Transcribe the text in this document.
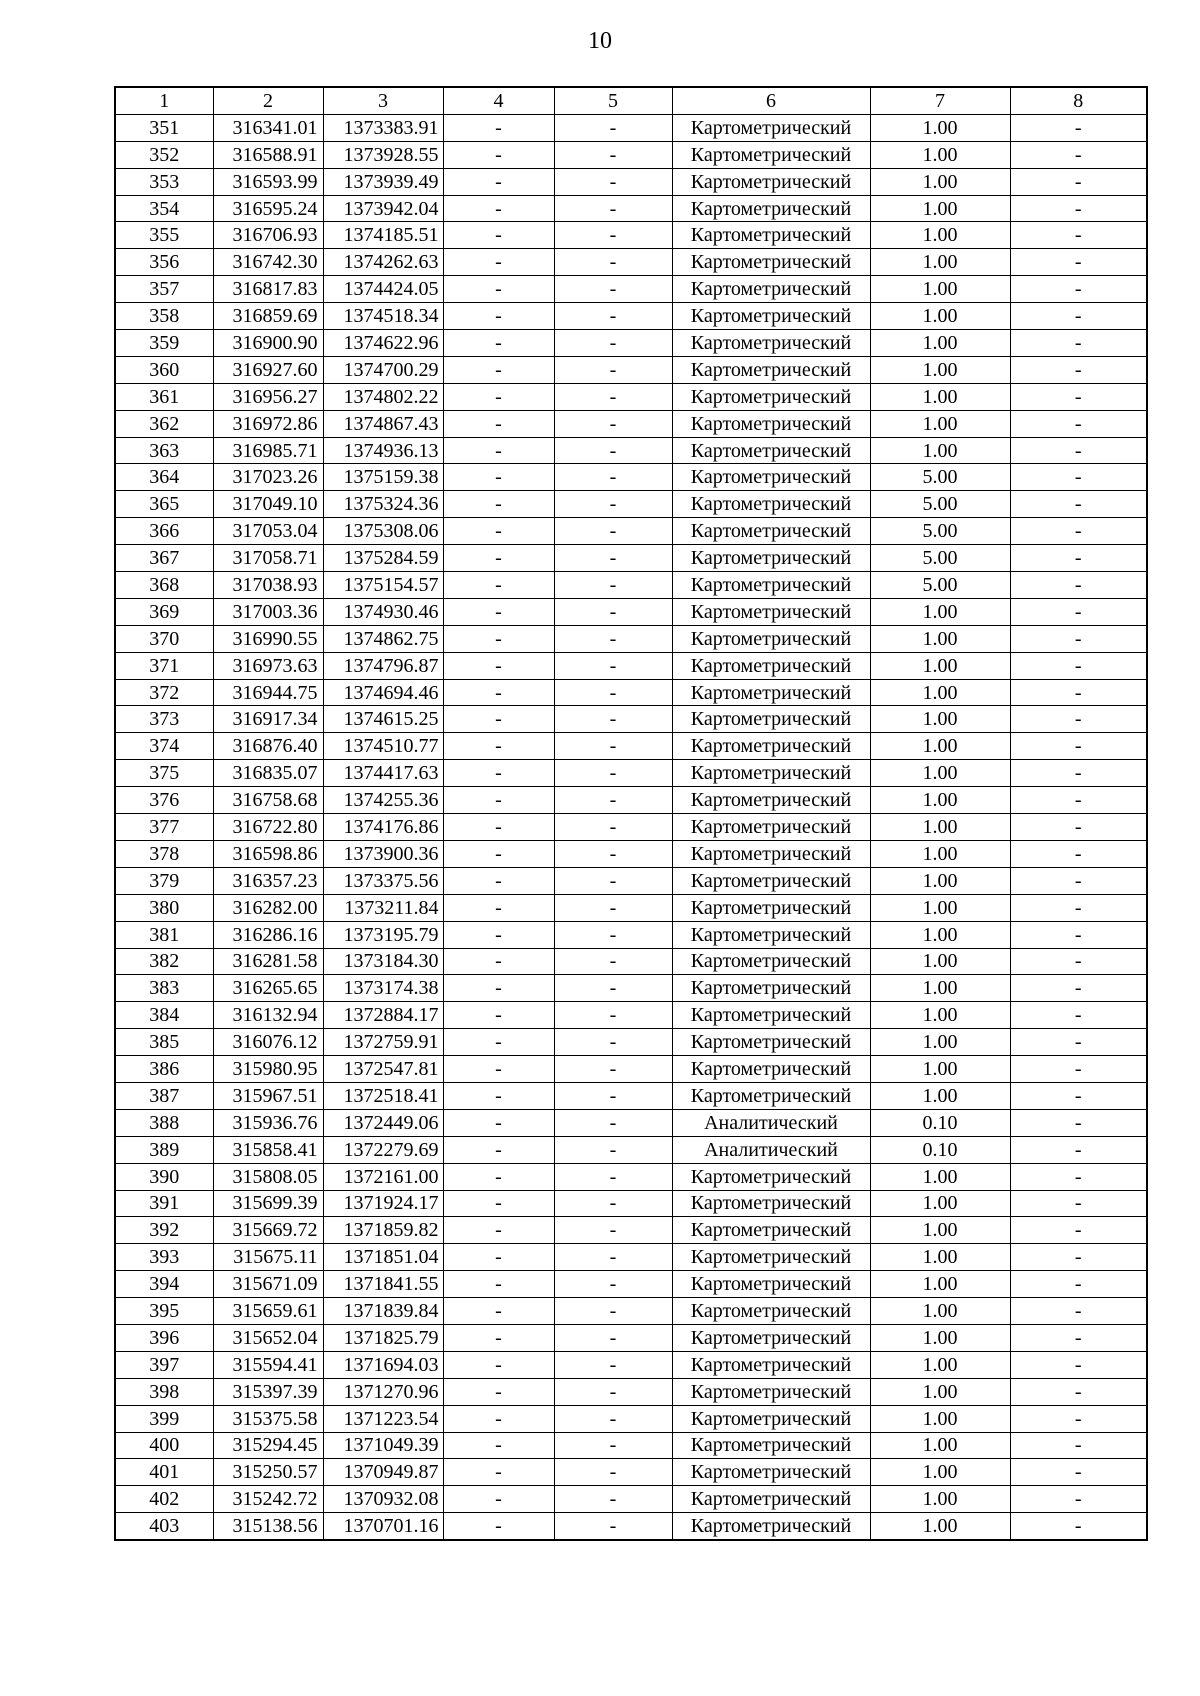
10
1	2	3	4	5	6	7	8
351	316341.01	1373383.91	-	-	Картометрический	1.00	-
352	316588.91	1373928.55	-	-	Картометрический	1.00	-
353	316593.99	1373939.49	-	-	Картометрический	1.00	-
354	316595.24	1373942.04	-	-	Картометрический	1.00	-
355	316706.93	1374185.51	-	-	Картометрический	1.00	-
356	316742.30	1374262.63	-	-	Картометрический	1.00	-
357	316817.83	1374424.05	-	-	Картометрический	1.00	-
358	316859.69	1374518.34	-	-	Картометрический	1.00	-
359	316900.90	1374622.96	-	-	Картометрический	1.00	-
360	316927.60	1374700.29	-	-	Картометрический	1.00	-
361	316956.27	1374802.22	-	-	Картометрический	1.00	-
362	316972.86	1374867.43	-	-	Картометрический	1.00	-
363	316985.71	1374936.13	-	-	Картометрический	1.00	-
364	317023.26	1375159.38	-	-	Картометрический	5.00	-
365	317049.10	1375324.36	-	-	Картометрический	5.00	-
366	317053.04	1375308.06	-	-	Картометрический	5.00	-
367	317058.71	1375284.59	-	-	Картометрический	5.00	-
368	317038.93	1375154.57	-	-	Картометрический	5.00	-
369	317003.36	1374930.46	-	-	Картометрический	1.00	-
370	316990.55	1374862.75	-	-	Картометрический	1.00	-
371	316973.63	1374796.87	-	-	Картометрический	1.00	-
372	316944.75	1374694.46	-	-	Картометрический	1.00	-
373	316917.34	1374615.25	-	-	Картометрический	1.00	-
374	316876.40	1374510.77	-	-	Картометрический	1.00	-
375	316835.07	1374417.63	-	-	Картометрический	1.00	-
376	316758.68	1374255.36	-	-	Картометрический	1.00	-
377	316722.80	1374176.86	-	-	Картометрический	1.00	-
378	316598.86	1373900.36	-	-	Картометрический	1.00	-
379	316357.23	1373375.56	-	-	Картометрический	1.00	-
380	316282.00	1373211.84	-	-	Картометрический	1.00	-
381	316286.16	1373195.79	-	-	Картометрический	1.00	-
382	316281.58	1373184.30	-	-	Картометрический	1.00	-
383	316265.65	1373174.38	-	-	Картометрический	1.00	-
384	316132.94	1372884.17	-	-	Картометрический	1.00	-
385	316076.12	1372759.91	-	-	Картометрический	1.00	-
386	315980.95	1372547.81	-	-	Картометрический	1.00	-
387	315967.51	1372518.41	-	-	Картометрический	1.00	-
388	315936.76	1372449.06	-	-	Аналитический	0.10	-
389	315858.41	1372279.69	-	-	Аналитический	0.10	-
390	315808.05	1372161.00	-	-	Картометрический	1.00	-
391	315699.39	1371924.17	-	-	Картометрический	1.00	-
392	315669.72	1371859.82	-	-	Картометрический	1.00	-
393	315675.11	1371851.04	-	-	Картометрический	1.00	-
394	315671.09	1371841.55	-	-	Картометрический	1.00	-
395	315659.61	1371839.84	-	-	Картометрический	1.00	-
396	315652.04	1371825.79	-	-	Картометрический	1.00	-
397	315594.41	1371694.03	-	-	Картометрический	1.00	-
398	315397.39	1371270.96	-	-	Картометрический	1.00	-
399	315375.58	1371223.54	-	-	Картометрический	1.00	-
400	315294.45	1371049.39	-	-	Картометрический	1.00	-
401	315250.57	1370949.87	-	-	Картометрический	1.00	-
402	315242.72	1370932.08	-	-	Картометрический	1.00	-
403	315138.56	1370701.16	-	-	Картометрический	1.00	-
